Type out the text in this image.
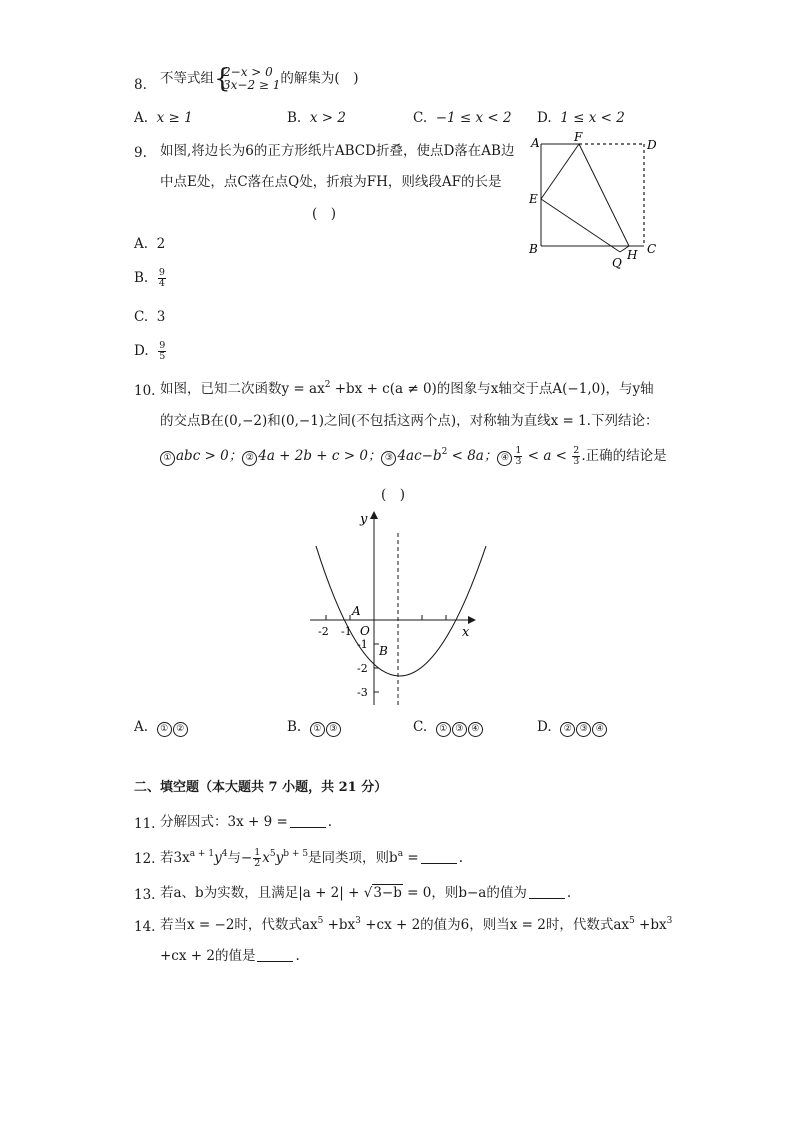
8. 不等式组 {
2−x > 0
3x−2 ≥ 1 的解集为(　)
A. x ≥ 1	B. x > 2	C. −1 ≤ x < 2 D. 1 ≤ x < 2
9. 如图,将边长为6的正方形纸片ABCD折叠，使点D落在AB边
中点E处，点C落在点Q处，折痕为FH，则线段AF的长是
(　)
A. 2
B. $\frac{9}{4}$
C. 3
D. $\frac{9}{5}$
A	F
D
E
B	C
H
Q
10. 如图，已知二次函数$y = ax^2 +bx + c(a \ne 0)$的图象与x轴交于点A(−1,0)，与y轴
的交点B在(0,−2)和(0,−1)之间(不包括这两个点)，对称轴为直线x = 1.下列结论：
① abc > 0； ② 4a + 2b + c > 0； ③ $4ac-b^2 < 8a$； ④ $\frac{1}{3} < a < \frac{2}{3}$ .正确的结论是
(　)
y
x
O
A
B
-2 -1
-1
-2
-3
A. ① ②	B. ① ③	C. ① ③ ④	D. ② ③ ④
二、填空题（本大题共 7 小题，共 21 分）
11. 分解因式：3x + 9 =	.
12. 若$3x^{a + 1}y^4$与− $\frac{1}{2} x^5y^{b + 5}$是同类项，则$b^a$ =	.
13. 若a、b为实数，且满足|a + 2| + √3−b = 0，则b−a的值为	.
14. 若当x = −2时，代数式$ax^5 +bx^3 +cx + 2$的值为6，则当x = 2时，代数式$ax^5 +bx^3$
+cx + 2的值是	.
